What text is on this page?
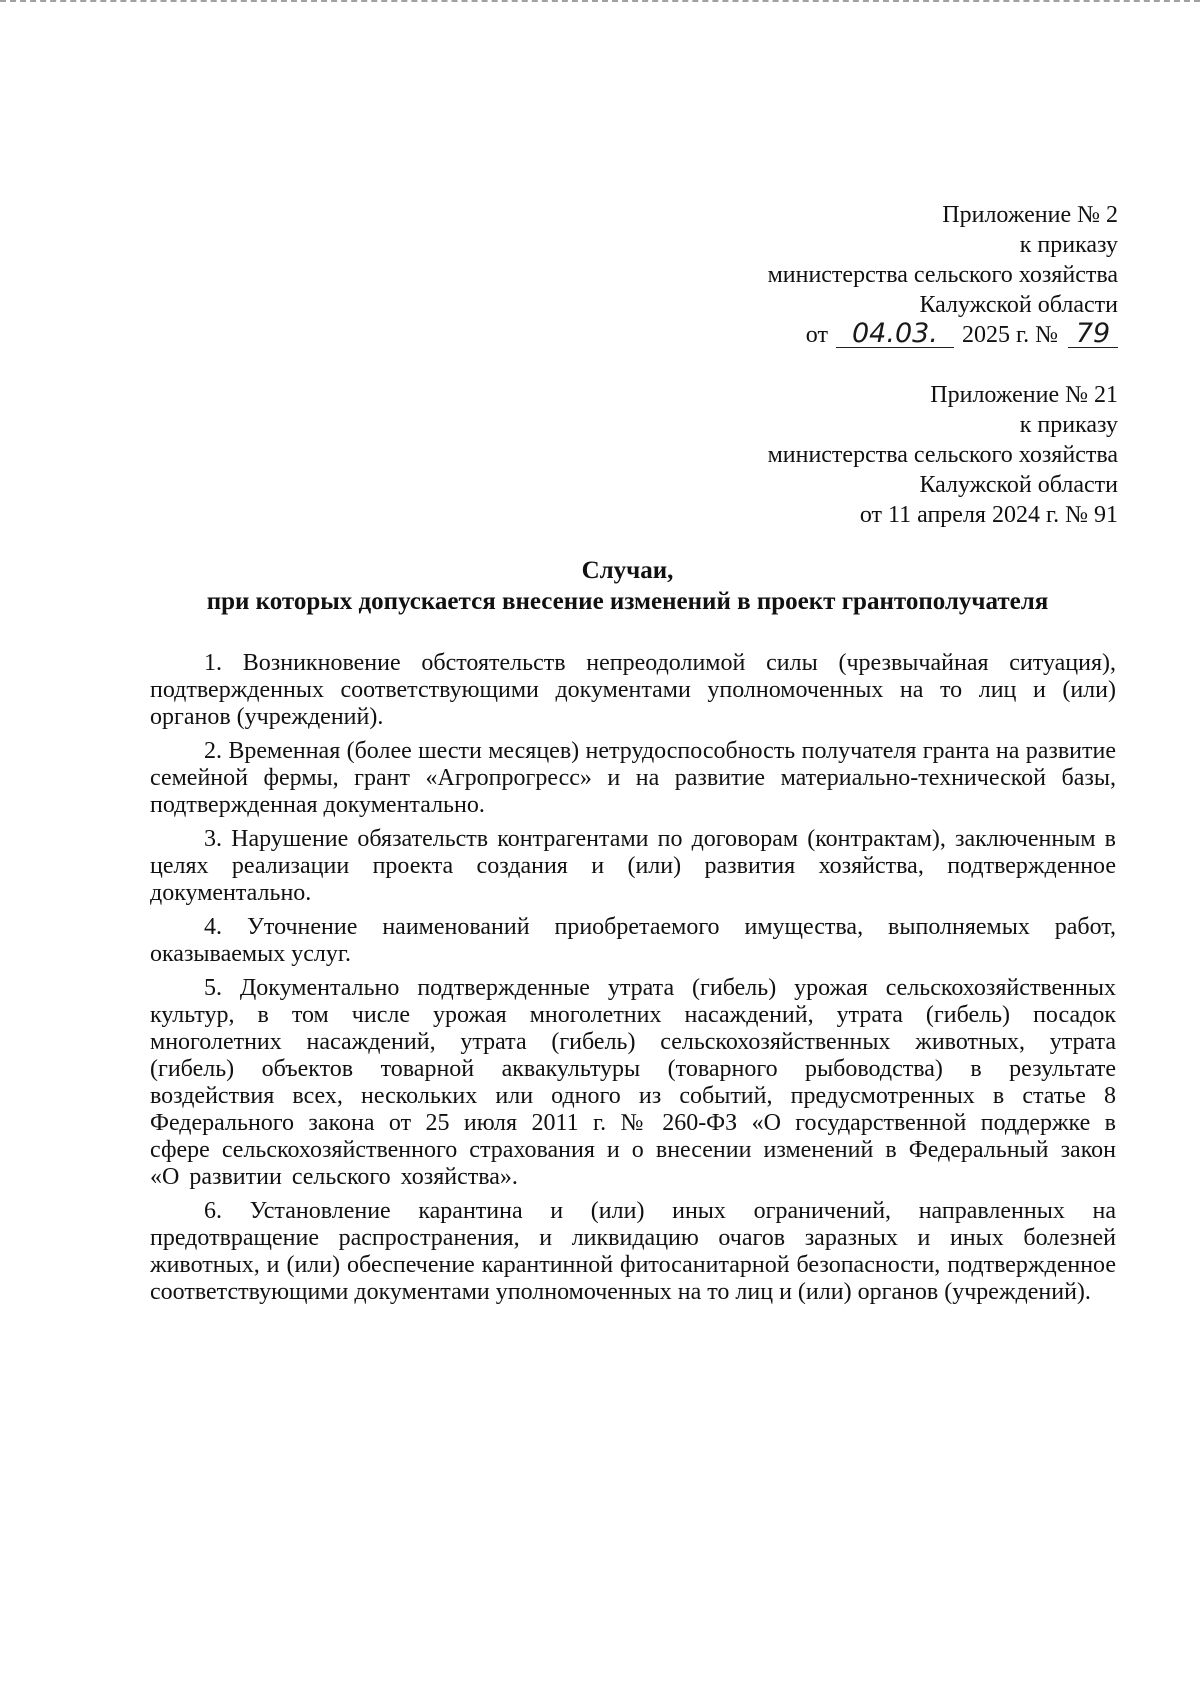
Приложение № 2
к приказу
министерства сельского хозяйства
Калужской области
от 04.03. 2025 г. № 79
Приложение № 21
к приказу
министерства сельского хозяйства
Калужской области
от 11 апреля 2024 г. № 91
Случаи,
при которых допускается внесение изменений в проект грантополучателя

1. Возникновение обстоятельств непреодолимой силы (чрезвычайная ситуация), подтвержденных соответствующими документами уполномоченных на то лиц и (или) органов (учреждений).

2. Временная (более шести месяцев) нетрудоспособность получателя гранта на развитие семейной фермы, грант «Агропрогресс» и на развитие материально-технической базы, подтвержденная документально.

3. Нарушение обязательств контрагентами по договорам (контрактам), заключенным в целях реализации проекта создания и (или) развития хозяйства, подтвержденное документально.

4. Уточнение наименований приобретаемого имущества, выполняемых работ, оказываемых услуг.

5. Документально подтвержденные утрата (гибель) урожая сельскохозяйственных культур, в том числе урожая многолетних насаждений, утрата (гибель) посадок многолетних насаждений, утрата (гибель) сельскохозяйственных животных, утрата (гибель) объектов товарной аквакультуры (товарного рыбоводства) в результате воздействия всех, нескольких или одного из событий, предусмотренных в статье 8 Федерального закона от 25 июля 2011 г. № 260-ФЗ «О государственной поддержке в сфере сельскохозяйственного страхования и о внесении изменений в Федеральный закон «О развитии сельского хозяйства».

6. Установление карантина и (или) иных ограничений, направленных на предотвращение распространения, и ликвидацию очагов заразных и иных болезней животных, и (или) обеспечение карантинной фитосанитарной безопасности, подтвержденное соответствующими документами уполномоченных на то лиц и (или) органов (учреждений).
